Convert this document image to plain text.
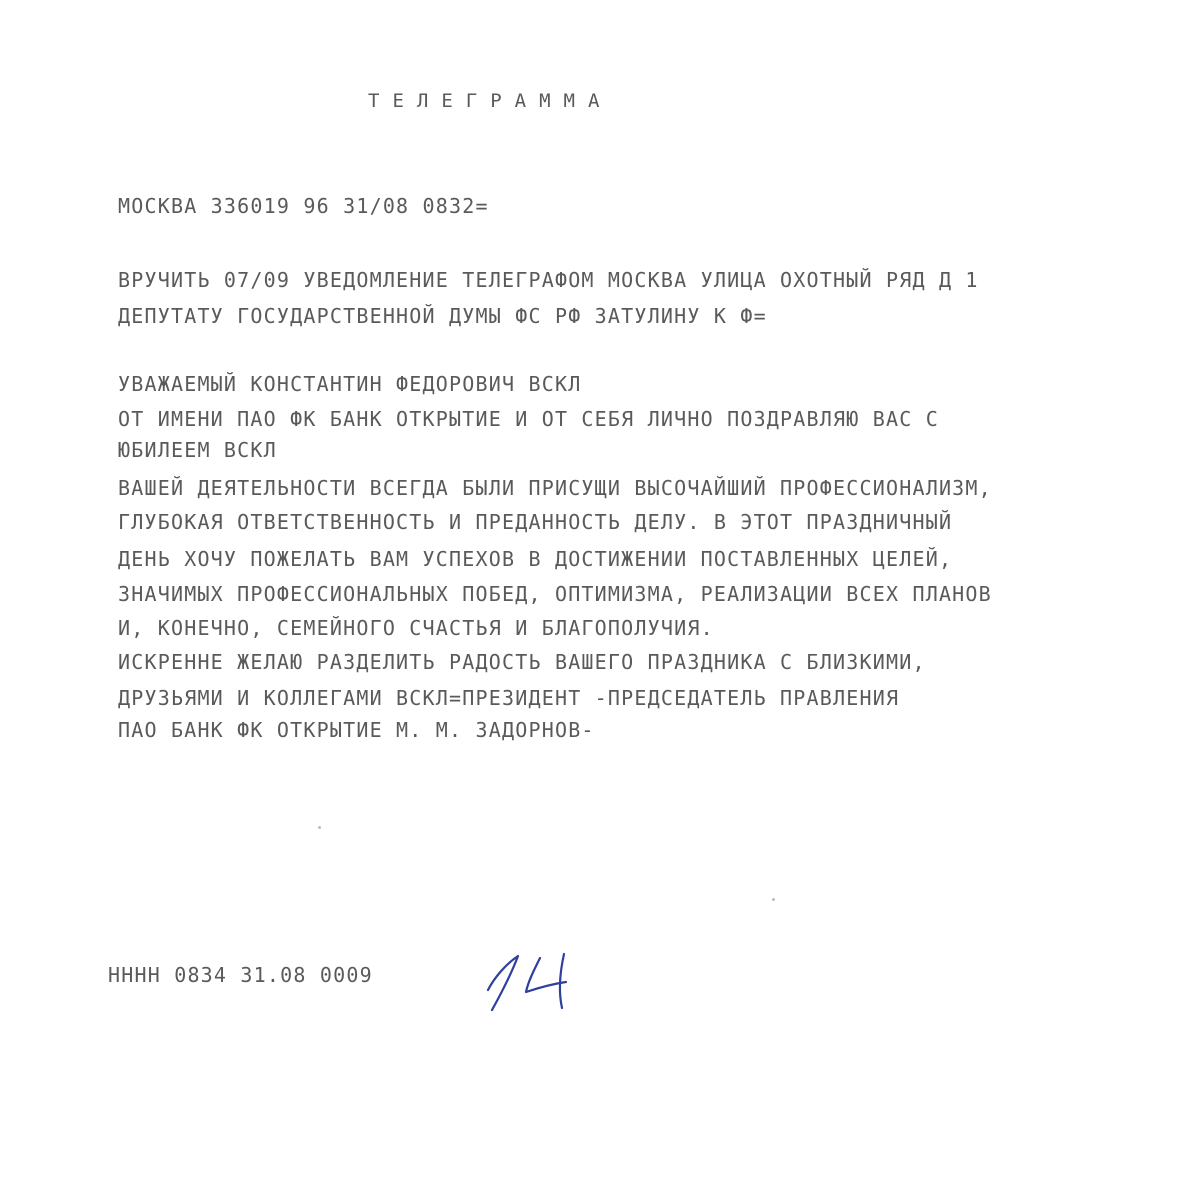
ТЕЛЕГРАММА
МОСКВА 336019 96 31/08 0832=
ВРУЧИТЬ 07/09 УВЕДОМЛЕНИЕ ТЕЛЕГРАФОМ МОСКВА УЛИЦА ОХОТНЫЙ РЯД Д 1
ДЕПУТАТУ ГОСУДАРСТВЕННОЙ ДУМЫ ФС РФ ЗАТУЛИНУ К Ф=
УВАЖАЕМЫЙ КОНСТАНТИН ФЕДОРОВИЧ ВСКЛ
ОТ ИМЕНИ ПАО ФК БАНК ОТКРЫТИЕ И ОТ СЕБЯ ЛИЧНО ПОЗДРАВЛЯЮ ВАС С
ЮБИЛЕЕМ ВСКЛ
ВАШЕЙ ДЕЯТЕЛЬНОСТИ ВСЕГДА БЫЛИ ПРИСУЩИ ВЫСОЧАЙШИЙ ПРОФЕССИОНАЛИЗМ,
ГЛУБОКАЯ ОТВЕТСТВЕННОСТЬ И ПРЕДАННОСТЬ ДЕЛУ. В ЭТОТ ПРАЗДНИЧНЫЙ
ДЕНЬ ХОЧУ ПОЖЕЛАТЬ ВАМ УСПЕХОВ В ДОСТИЖЕНИИ ПОСТАВЛЕННЫХ ЦЕЛЕЙ,
ЗНАЧИМЫХ ПРОФЕССИОНАЛЬНЫХ ПОБЕД, ОПТИМИЗМА, РЕАЛИЗАЦИИ ВСЕХ ПЛАНОВ
И, КОНЕЧНО, СЕМЕЙНОГО СЧАСТЬЯ И БЛАГОПОЛУЧИЯ.
ИСКРЕННЕ ЖЕЛАЮ РАЗДЕЛИТЬ РАДОСТЬ ВАШЕГО ПРАЗДНИКА С БЛИЗКИМИ,
ДРУЗЬЯМИ И КОЛЛЕГАМИ ВСКЛ=ПРЕЗИДЕНТ -ПРЕДСЕДАТЕЛЬ ПРАВЛЕНИЯ
ПАО БАНК ФК ОТКРЫТИЕ М. М. ЗАДОРНОВ-
НННН 0834 31.08 0009
